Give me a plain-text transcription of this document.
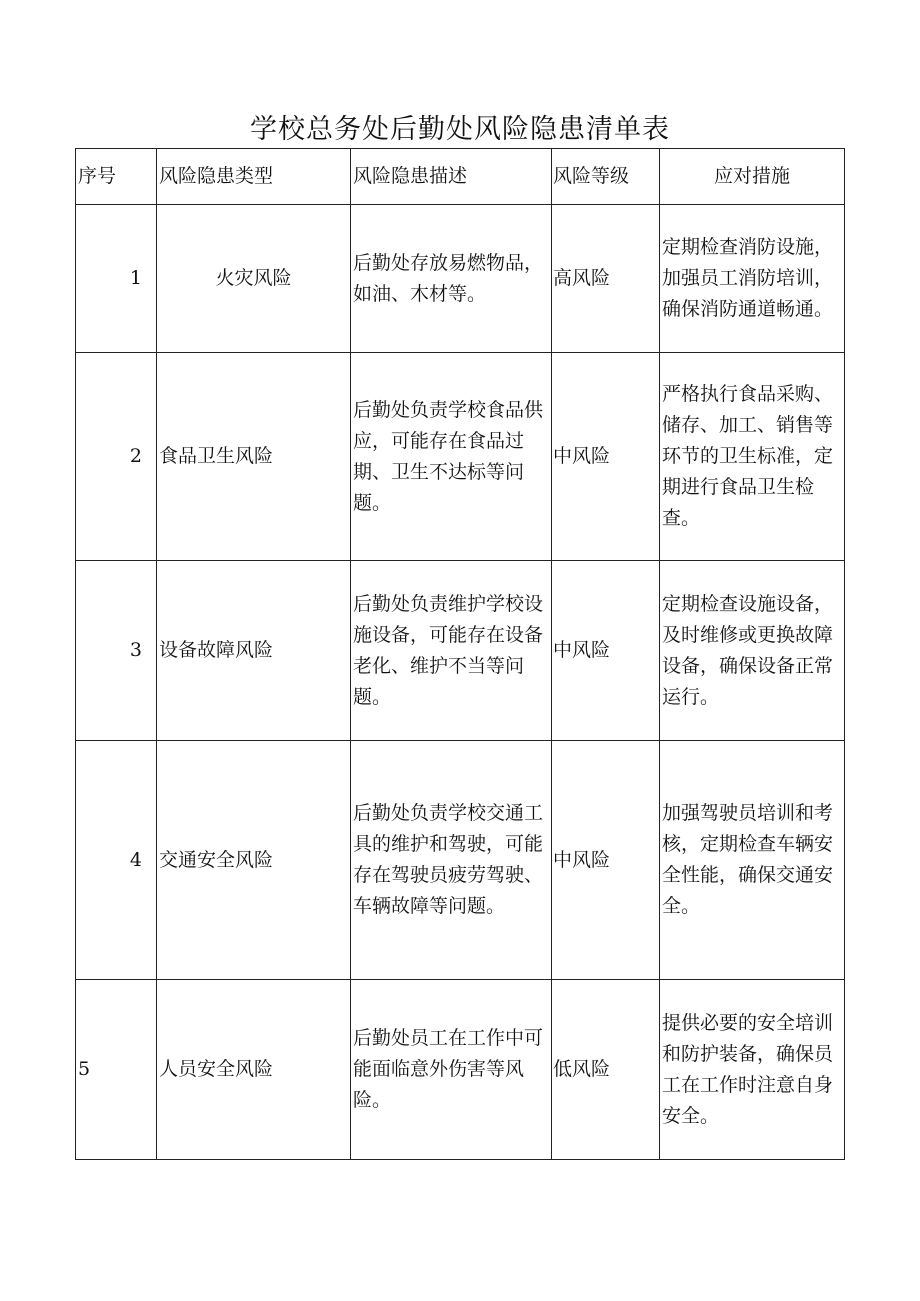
学校总务处后勤处风险隐患清单表
序号	风险隐患类型	风险隐患描述	风险等级	应对措施
1	火灾风险	后勤处存放易燃物品，如油、木材等。	高风险	定期检查消防设施，加强员工消防培训，确保消防通道畅通。
2	食品卫生风险	后勤处负责学校食品供应，可能存在食品过期、卫生不达标等问题。	中风险	严格执行食品采购、储存、加工、销售等环节的卫生标准，定期进行食品卫生检查。
3	设备故障风险	后勤处负责维护学校设施设备，可能存在设备老化、维护不当等问题。	中风险	定期检查设施设备，及时维修或更换故障设备，确保设备正常运行。
4	交通安全风险	后勤处负责学校交通工具的维护和驾驶，可能存在驾驶员疲劳驾驶、车辆故障等问题。	中风险	加强驾驶员培训和考核，定期检查车辆安全性能，确保交通安全。
5	人员安全风险	后勤处员工在工作中可能面临意外伤害等风险。	低风险	提供必要的安全培训和防护装备，确保员工在工作时注意自身安全。
